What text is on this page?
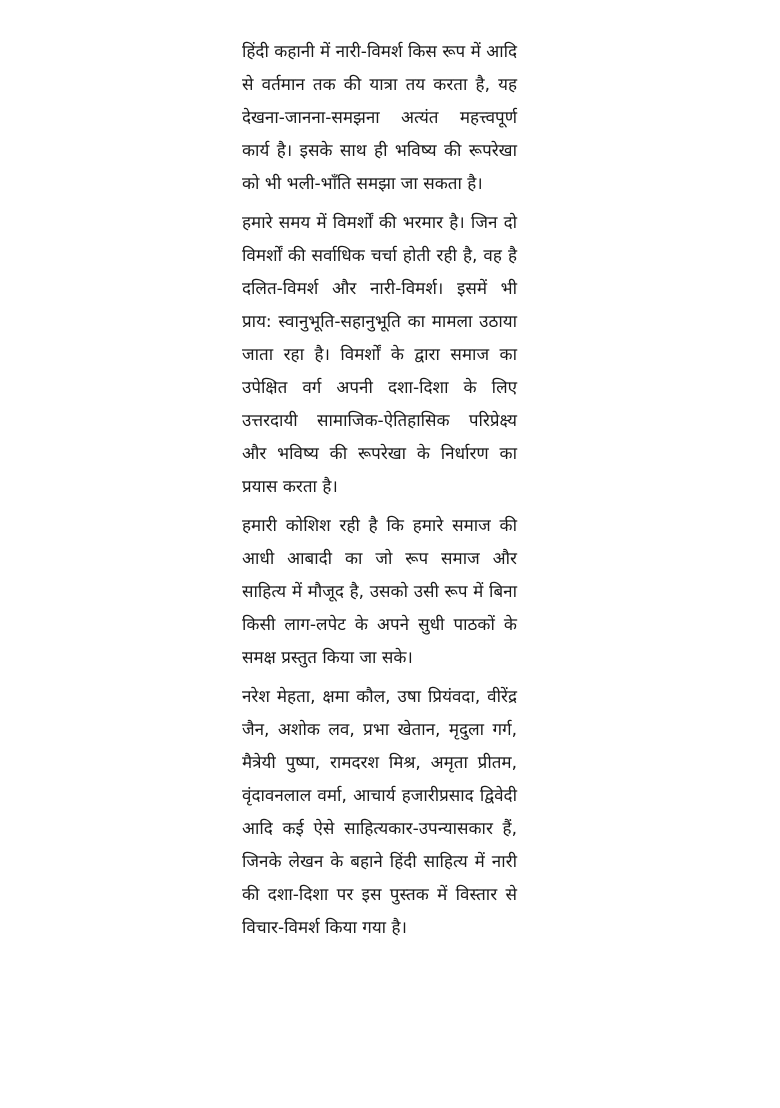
हिंदी कहानी में नारी-विमर्श किस रूप में आदि से वर्तमान तक की यात्रा तय करता है, यह देखना-जानना-समझना अत्यंत महत्त्वपूर्ण कार्य है। इसके साथ ही भविष्य की रूपरेखा को भी भली-भाँति समझा जा सकता है।

हमारे समय में विमर्शों की भरमार है। जिन दो विमर्शों की सर्वाधिक चर्चा होती रही है, वह है दलित-विमर्श और नारी-विमर्श। इसमें भी प्राय: स्वानुभूति-सहानुभूति का मामला उठाया जाता रहा है। विमर्शों के द्वारा समाज का उपेक्षित वर्ग अपनी दशा-दिशा के लिए उत्तरदायी सामाजिक-ऐतिहासिक परिप्रेक्ष्य और भविष्य की रूपरेखा के निर्धारण का प्रयास करता है।

हमारी कोशिश रही है कि हमारे समाज की आधी आबादी का जो रूप समाज और साहित्य में मौजूद है, उसको उसी रूप में बिना किसी लाग-लपेट के अपने सुधी पाठकों के समक्ष प्रस्तुत किया जा सके।

नरेश मेहता, क्षमा कौल, उषा प्रियंवदा, वीरेंद्र जैन, अशोक लव, प्रभा खेतान, मृदुला गर्ग, मैत्रेयी पुष्पा, रामदरश मिश्र, अमृता प्रीतम, वृंदावनलाल वर्मा, आचार्य हजारीप्रसाद द्विवेदी आदि कई ऐसे साहित्यकार-उपन्यासकार हैं, जिनके लेखन के बहाने हिंदी साहित्य में नारी की दशा-दिशा पर इस पुस्तक में विस्तार से विचार-विमर्श किया गया है।
